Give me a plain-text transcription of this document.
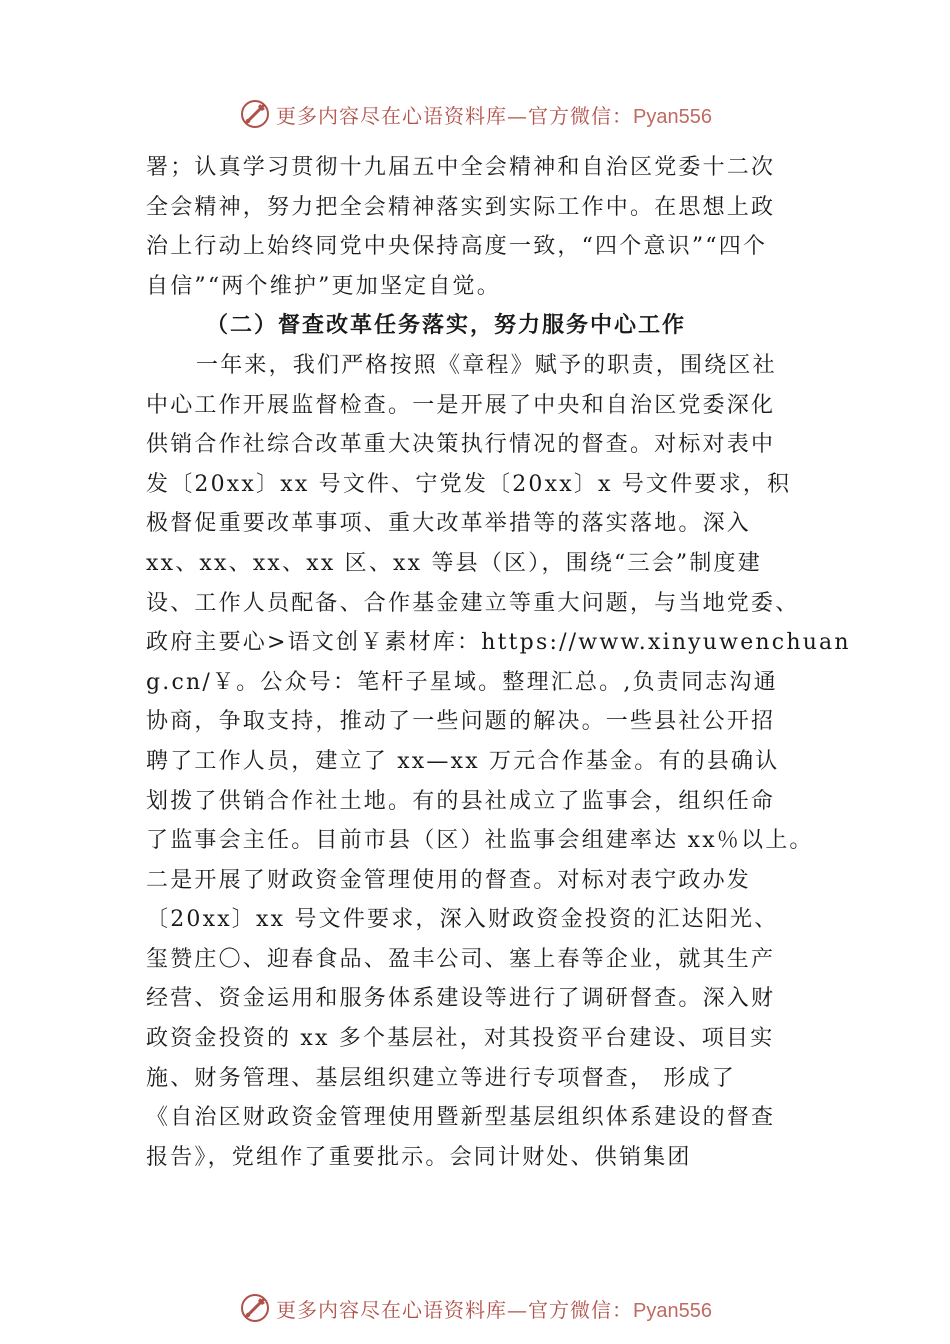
更多内容尽在心语资料库—官方微信：Pyan556
署；认真学习贯彻十九届五中全会精神和自治区党委十二次
全会精神，努力把全会精神落实到实际工作中。在思想上政
治上行动上始终同党中央保持高度一致，“四个意识”“四个
自信”“两个维护”更加坚定自觉。
（二）督查改革任务落实，努力服务中心工作
一年来，我们严格按照《章程》赋予的职责，围绕区社
中心工作开展监督检查。一是开展了中央和自治区党委深化
供销合作社综合改革重大决策执行情况的督查。对标对表中
发〔20xx〕xx 号文件、宁党发〔20xx〕x 号文件要求，积
极督促重要改革事项、重大改革举措等的落实落地。深入
xx、xx、xx、xx 区、xx 等县（区），围绕“三会”制度建
设、工作人员配备、合作基金建立等重大问题，与当地党委、
政府主要心>语文创￥素材库：https://www.xinyuwenchuan
g.cn/￥。公众号：笔杆子星域。整理汇总。,负责同志沟通
协商，争取支持，推动了一些问题的解决。一些县社公开招
聘了工作人员，建立了 xx—xx 万元合作基金。有的县确认
划拨了供销合作社土地。有的县社成立了监事会，组织任命
了监事会主任。目前市县（区）社监事会组建率达 xx％以上。
二是开展了财政资金管理使用的督查。对标对表宁政办发
〔20xx〕xx 号文件要求，深入财政资金投资的汇达阳光、
玺赞庄〇、迎春食品、盈丰公司、塞上春等企业，就其生产
经营、资金运用和服务体系建设等进行了调研督查。深入财
政资金投资的 xx 多个基层社，对其投资平台建设、项目实
施、财务管理、基层组织建立等进行专项督查， 形成了
《自治区财政资金管理使用暨新型基层组织体系建设的督查
报告》，党组作了重要批示。会同计财处、供销集团
更多内容尽在心语资料库—官方微信：Pyan556
